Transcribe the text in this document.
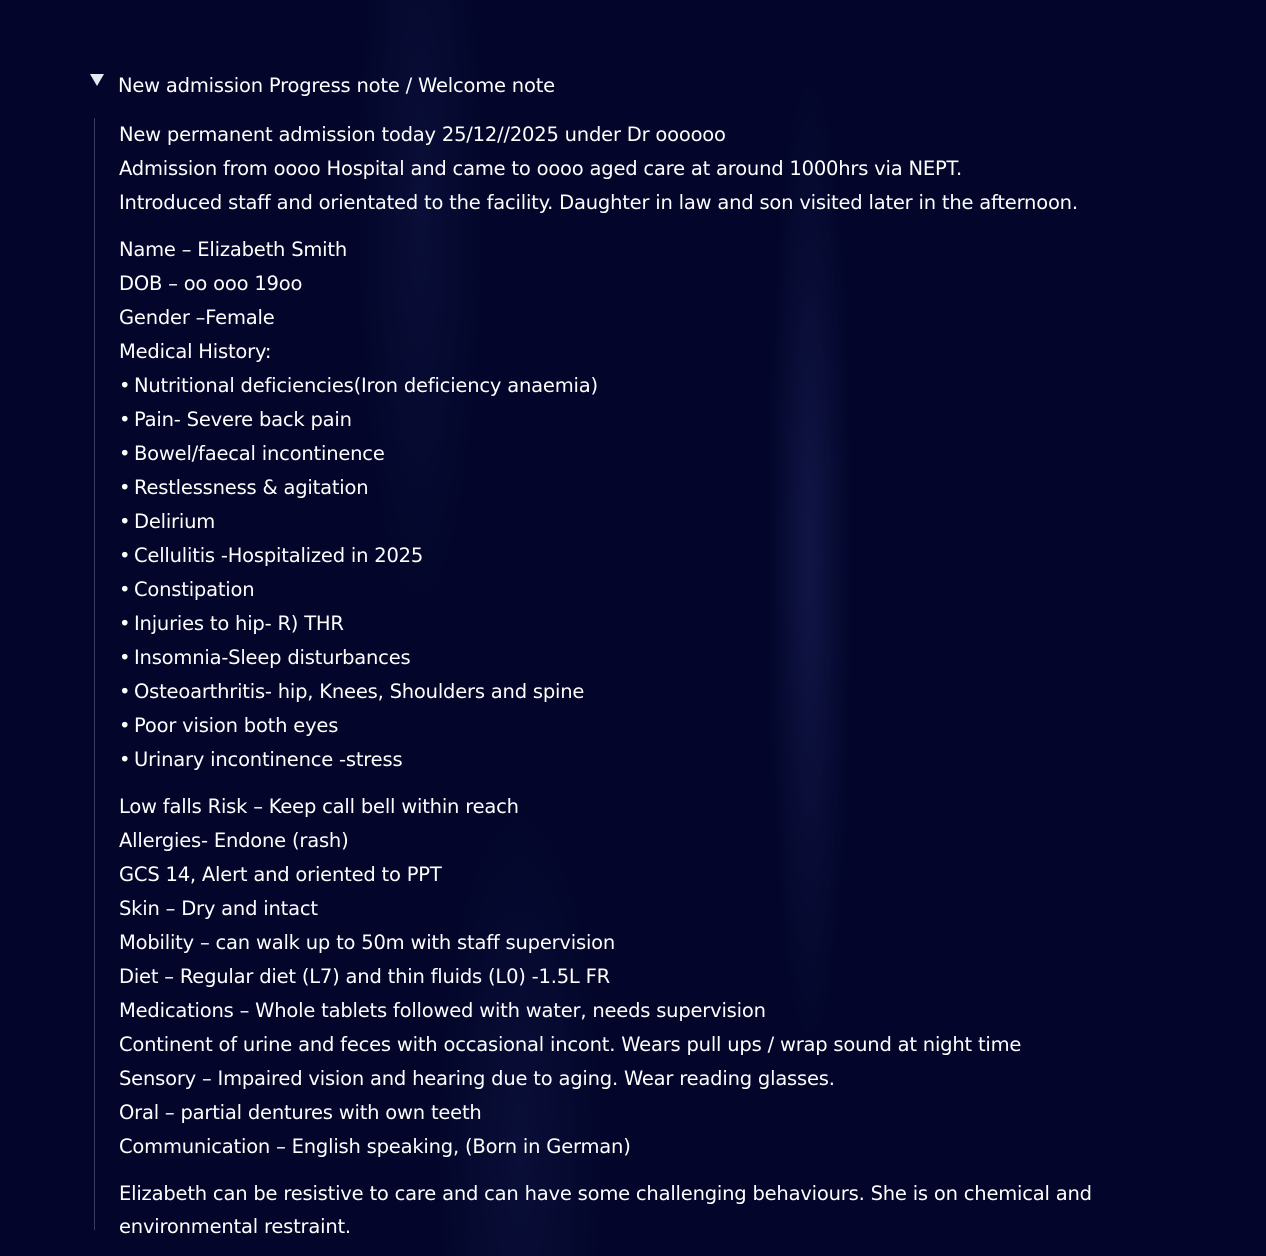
New admission Progress note / Welcome note
New permanent admission today 25/12//2025 under Dr oooooo
Admission from oooo Hospital and came to oooo aged care at around 1000hrs via NEPT.
Introduced staff and orientated to the facility. Daughter in law and son visited later in the afternoon.
Name – Elizabeth Smith
DOB – oo ooo 19oo
Gender –Female
Medical History:
• Nutritional deficiencies(Iron deficiency anaemia)
• Pain- Severe back pain
• Bowel/faecal incontinence
• Restlessness & agitation
• Delirium
• Cellulitis -Hospitalized in 2025
• Constipation
• Injuries to hip- R) THR
• Insomnia-Sleep disturbances
• Osteoarthritis- hip, Knees, Shoulders and spine
• Poor vision both eyes
• Urinary incontinence -stress
Low falls Risk – Keep call bell within reach
Allergies- Endone (rash)
GCS 14, Alert and oriented to PPT
Skin – Dry and intact
Mobility – can walk up to 50m with staff supervision
Diet – Regular diet (L7) and thin fluids (L0) -1.5L FR
Medications – Whole tablets followed with water, needs supervision
Continent of urine and feces with occasional incont. Wears pull ups / wrap sound at night time
Sensory – Impaired vision and hearing due to aging. Wear reading glasses.
Oral – partial dentures with own teeth
Communication – English speaking, (Born in German)
Elizabeth can be resistive to care and can have some challenging behaviours. She is on chemical and environmental restraint.
